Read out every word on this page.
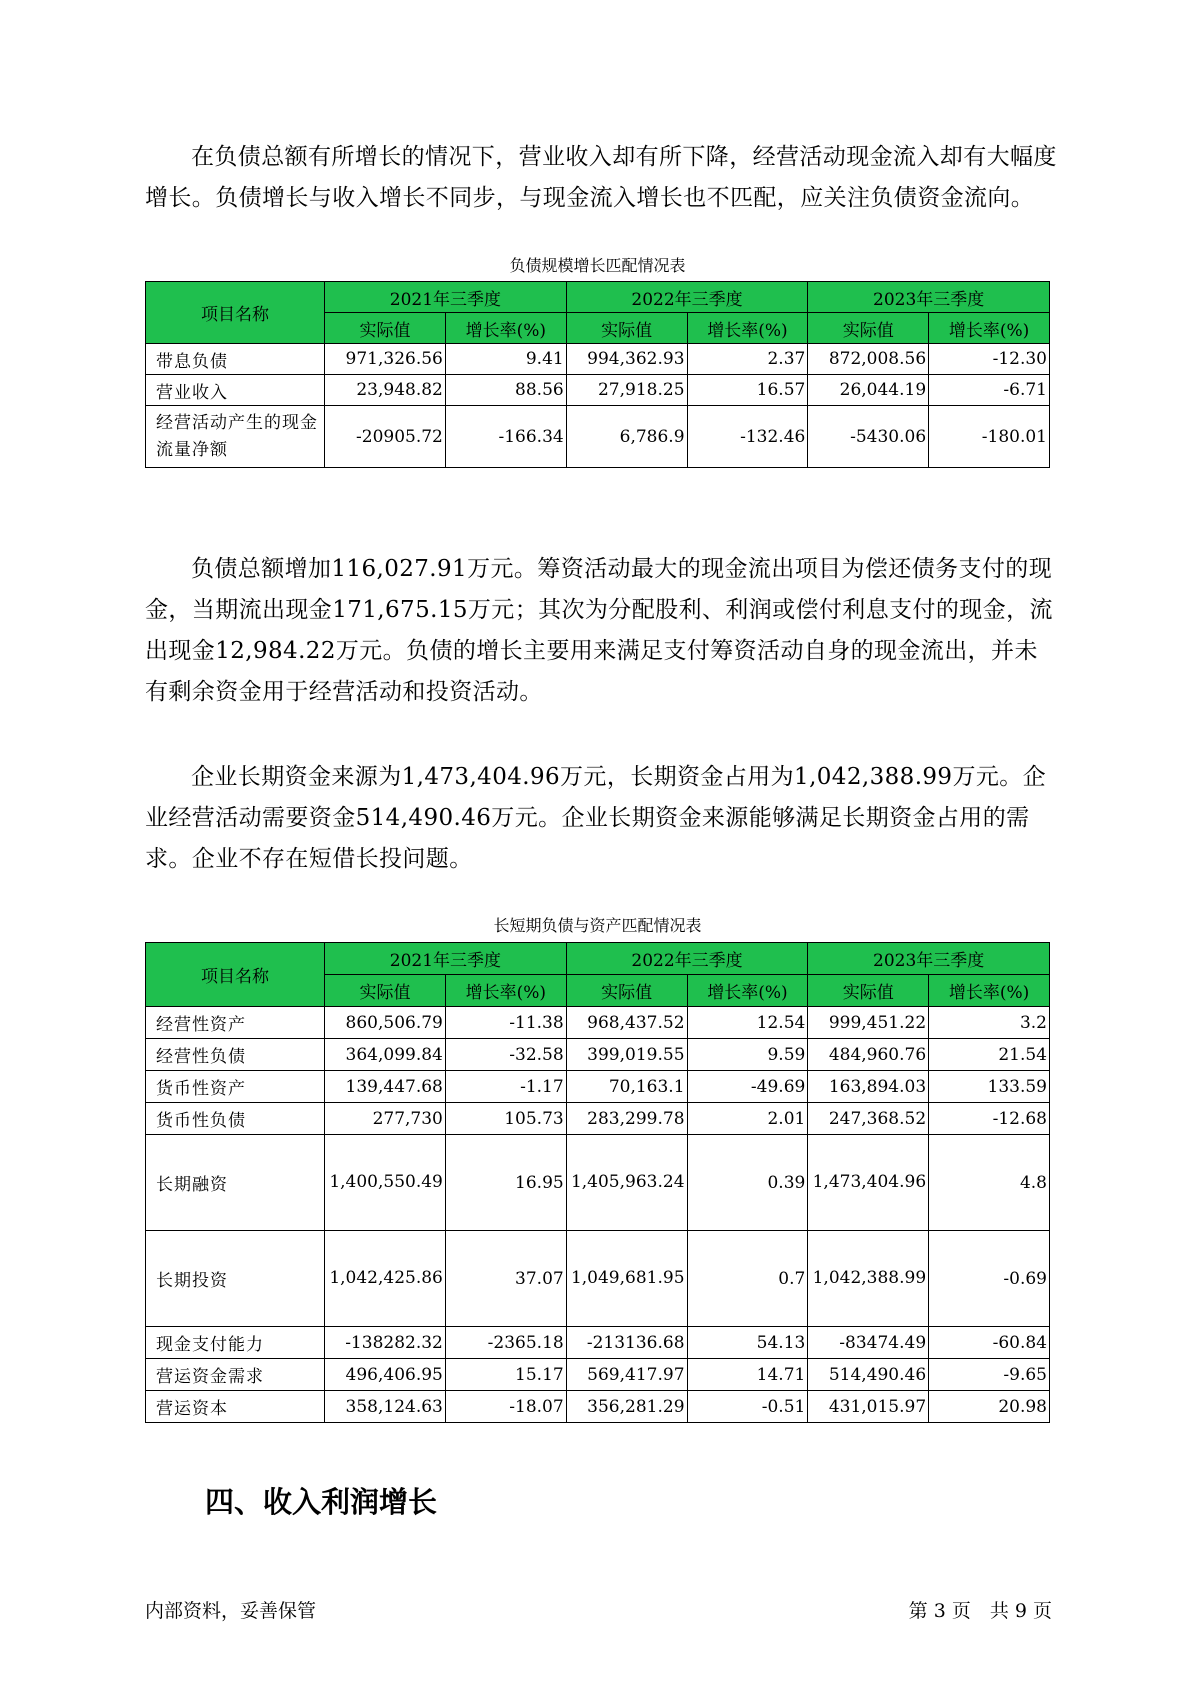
在负债总额有所增长的情况下，营业收入却有所下降，经营活动现金流入却有大幅度增长。负债增长与收入增长不同步，与现金流入增长也不匹配，应关注负债资金流向。

负债规模增长匹配情况表
项目名称	2021年三季度		2022年三季度		2023年三季度	
	实际值	增长率(%)	实际值	增长率(%)	实际值	增长率(%)
带息负债	971,326.56	9.41	994,362.93	2.37	872,008.56	-12.30
营业收入	23,948.82	88.56	27,918.25	16.57	26,044.19	-6.71
经营活动产生的现金流量净额	-20905.72	-166.34	6,786.9	-132.46	-5430.06	-180.01

负债总额增加116,027.91万元。筹资活动最大的现金流出项目为偿还债务支付的现金，当期流出现金171,675.15万元；其次为分配股利、利润或偿付利息支付的现金，流出现金12,984.22万元。负债的增长主要用来满足支付筹资活动自身的现金流出，并未有剩余资金用于经营活动和投资活动。

企业长期资金来源为1,473,404.96万元，长期资金占用为1,042,388.99万元。企业经营活动需要资金514,490.46万元。企业长期资金来源能够满足长期资金占用的需求。企业不存在短借长投问题。

长短期负债与资产匹配情况表
项目名称	2021年三季度		2022年三季度		2023年三季度	
	实际值	增长率(%)	实际值	增长率(%)	实际值	增长率(%)
经营性资产	860,506.79	-11.38	968,437.52	12.54	999,451.22	3.2
经营性负债	364,099.84	-32.58	399,019.55	9.59	484,960.76	21.54
货币性资产	139,447.68	-1.17	70,163.1	-49.69	163,894.03	133.59
货币性负债	277,730	105.73	283,299.78	2.01	247,368.52	-12.68
长期融资	1,400,550.49	16.95	1,405,963.24	0.39	1,473,404.96	4.8
长期投资	1,042,425.86	37.07	1,049,681.95	0.7	1,042,388.99	-0.69
现金支付能力	-138282.32	-2365.18	-213136.68	54.13	-83474.49	-60.84
营运资金需求	496,406.95	15.17	569,417.97	14.71	514,490.46	-9.65
营运资本	358,124.63	-18.07	356,281.29	-0.51	431,015.97	20.98
四、收入利润增长
内部资料，妥善保管	第 3 页　共 9 页
